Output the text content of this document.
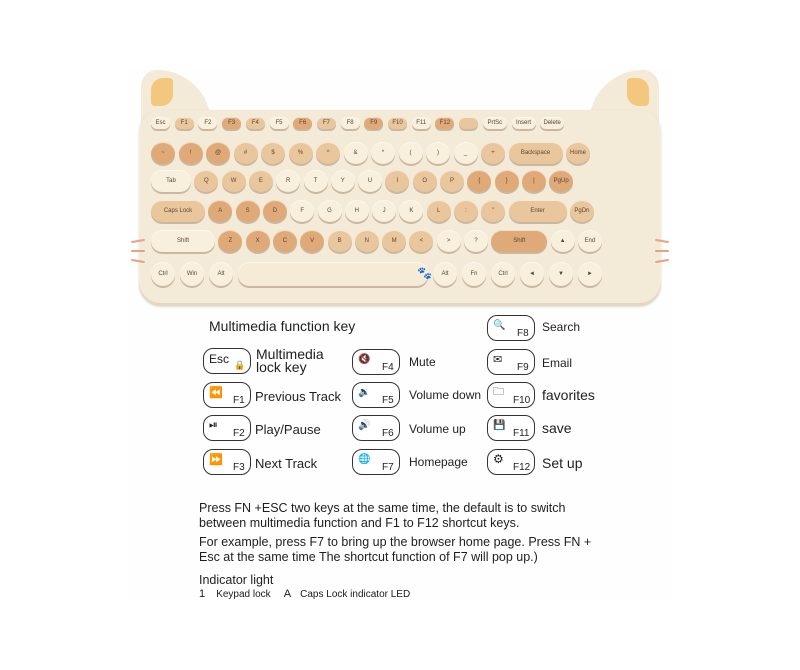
Esc	F1	F2	F3	F4	F5	F6	F7	F8	F9	F10	F11	F12	PrtSc	Insert	Delete
~	!	@	#	$	%	^	&	*	(	)	_	+	Backspace	Home
Tab	Q	W	E	R	T	Y	U	I	O	P	{	}	|	PgUp
Caps Lock	A	S	D	F	G	H	J	K	L	:	"	Enter	PgDn
Shift	Z	X	C	V	B	N	M	<	>	?	Shift	▲	End
Ctrl	Win	Alt	Alt	Fn	Ctrl	◄	▼	►
🐾
Multimedia function key
Esc 🔒
Multimedia
lock key
⏪
F1 Previous Track
⏯
F2 Play/Pause
⏩
F3 Next Track
🔇
F4 Mute
🔉
F5 Volume down
🔊
F6 Volume up
🌐
F7 Homepage
🔍
F8 Search
✉
F9 Email
🗀
F10 favorites
💾
F11 save
⚙
F12 Set up
Press FN +ESC two keys at the same time, the default is to switch between multimedia function and F1 to F12 shortcut keys.
For example, press F7 to bring up the browser home page. Press FN + Esc at the same time The shortcut function of F7 will pop up.)
Indicator light
1 Keypad lock A Caps Lock indicator LED
